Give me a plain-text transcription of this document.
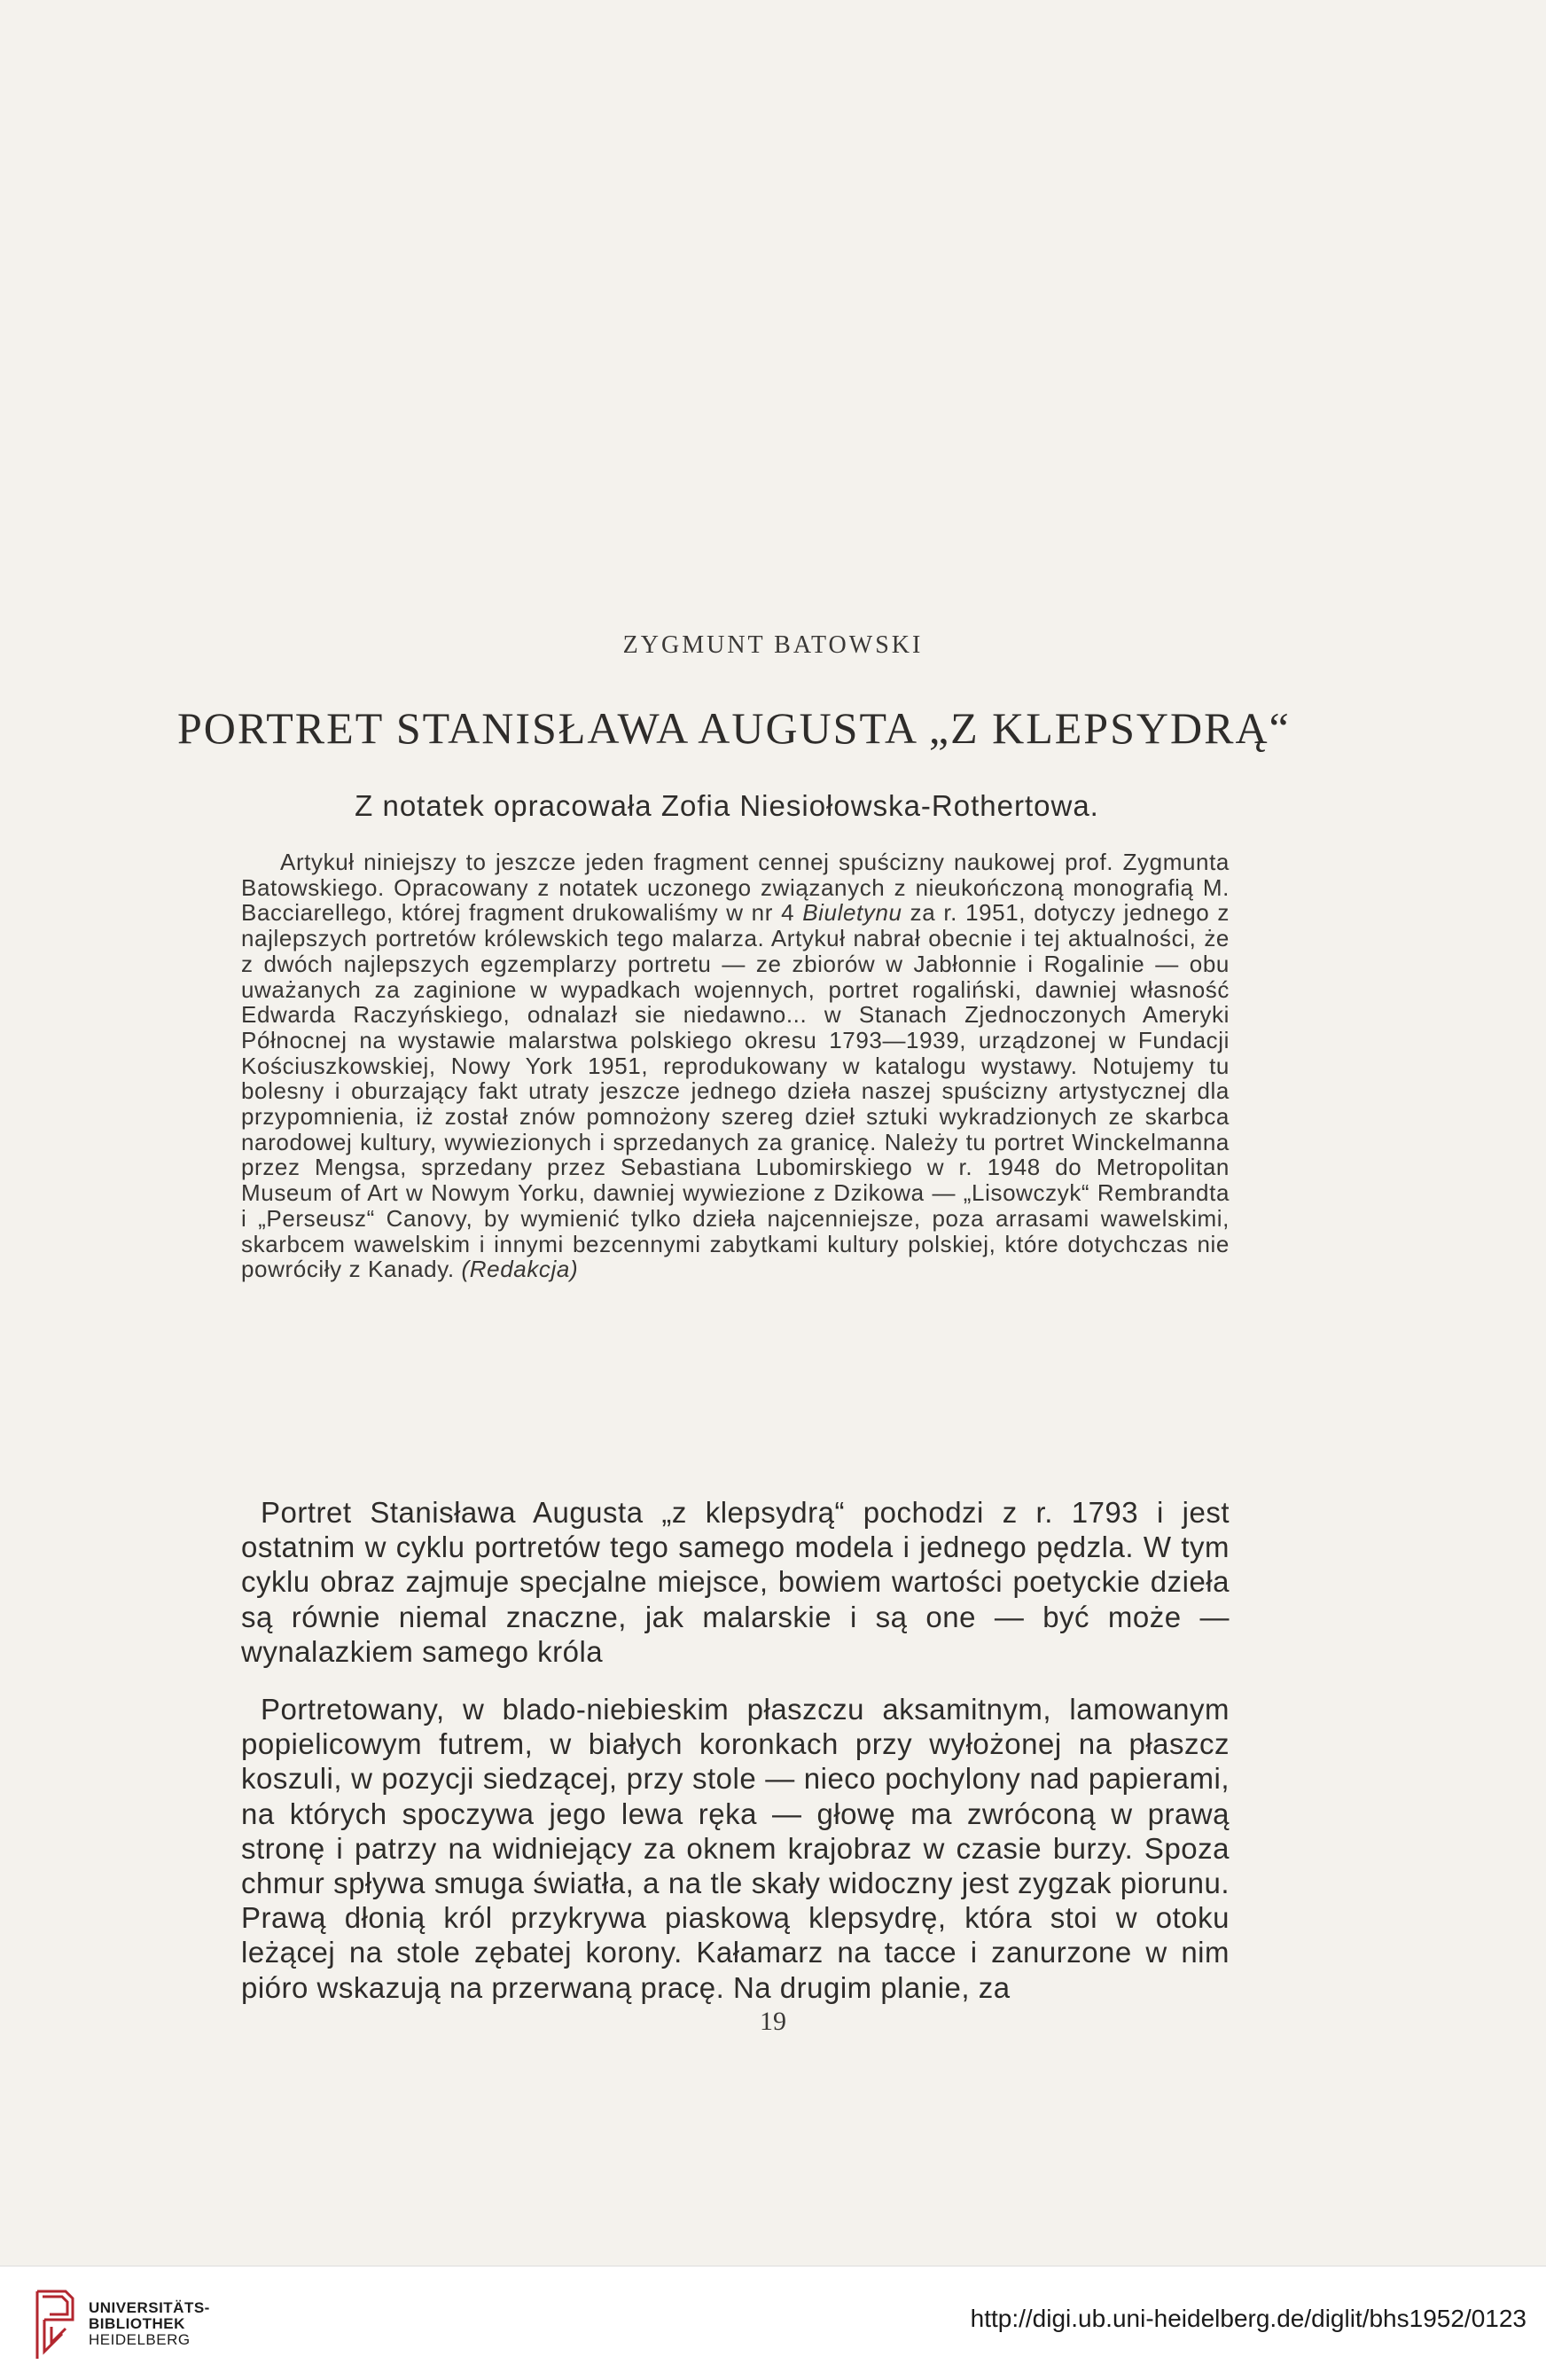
ZYGMUNT BATOWSKI
PORTRET STANISŁAWA AUGUSTA „Z KLEPSYDRĄ“
Z notatek opracowała Zofia Niesiołowska-Rothertowa.

Artykuł niniejszy to jeszcze jeden fragment cennej spuścizny naukowej prof. Zygmunta Batowskiego. Opracowany z notatek uczonego związanych z nieukończoną monografią M. Bacciarellego, której fragment drukowaliśmy w nr 4 Biuletynu za r. 1951, dotyczy jednego z najlepszych portretów królewskich tego malarza. Artykuł nabrał obecnie i tej aktualności, że z dwóch najlepszych egzemplarzy portretu — ze zbiorów w Jabłonnie i Rogalinie — obu uważanych za zaginione w wypadkach wojennych, portret rogaliński, dawniej własność Edwarda Raczyńskiego, odnalazł sie niedawno... w Stanach Zjednoczonych Ameryki Północnej na wystawie malarstwa polskiego okresu 1793—1939, urządzonej w Fundacji Kościuszkowskiej, Nowy York 1951, reprodukowany w katalogu wystawy. Notujemy tu bolesny i oburzający fakt utraty jeszcze jednego dzieła naszej spuścizny artystycznej dla przypomnienia, iż został znów pomnożony szereg dzieł sztuki wykradzionych ze skarbca narodowej kultury, wywiezionych i sprzedanych za granicę. Należy tu portret Winckelmanna przez Mengsa, sprzedany przez Sebastiana Lubomirskiego w r. 1948 do Metropolitan Museum of Art w Nowym Yorku, dawniej wywiezione z Dzikowa — „Lisowczyk“ Rembrandta i „Perseusz“ Canovy, by wymienić tylko dzieła najcenniejsze, poza arrasami wawelskimi, skarbcem wawelskim i innymi bezcennymi zabytkami kultury polskiej, które dotychczas nie powróciły z Kanady. (Redakcja)

Portret Stanisława Augusta „z klepsydrą“ pochodzi z r. 1793 i jest ostatnim w cyklu portretów tego samego modela i jednego pędzla. W tym cyklu obraz zajmuje specjalne miejsce, bowiem wartości poetyckie dzieła są równie niemal znaczne, jak malarskie i są one — być może — wynalazkiem samego króla

Portretowany, w blado-niebieskim płaszczu aksamitnym, lamowanym popielicowym futrem, w białych koronkach przy wyłożonej na płaszcz koszuli, w pozycji siedzącej, przy stole — nieco pochylony nad papierami, na których spoczywa jego lewa ręka — głowę ma zwróconą w prawą stronę i patrzy na widniejący za oknem krajobraz w czasie burzy. Spoza chmur spływa smuga światła, a na tle skały widoczny jest zygzak piorunu. Prawą dłonią król przykrywa piaskową klepsydrę, która stoi w otoku leżącej na stole zębatej korony. Kałamarz na tacce i zanurzone w nim pióro wskazują na przerwaną pracę. Na drugim planie, za

19
UNIVERSITÄTS-
BIBLIOTHEK
HEIDELBERG
http://digi.ub.uni-heidelberg.de/diglit/bhs1952/0123
